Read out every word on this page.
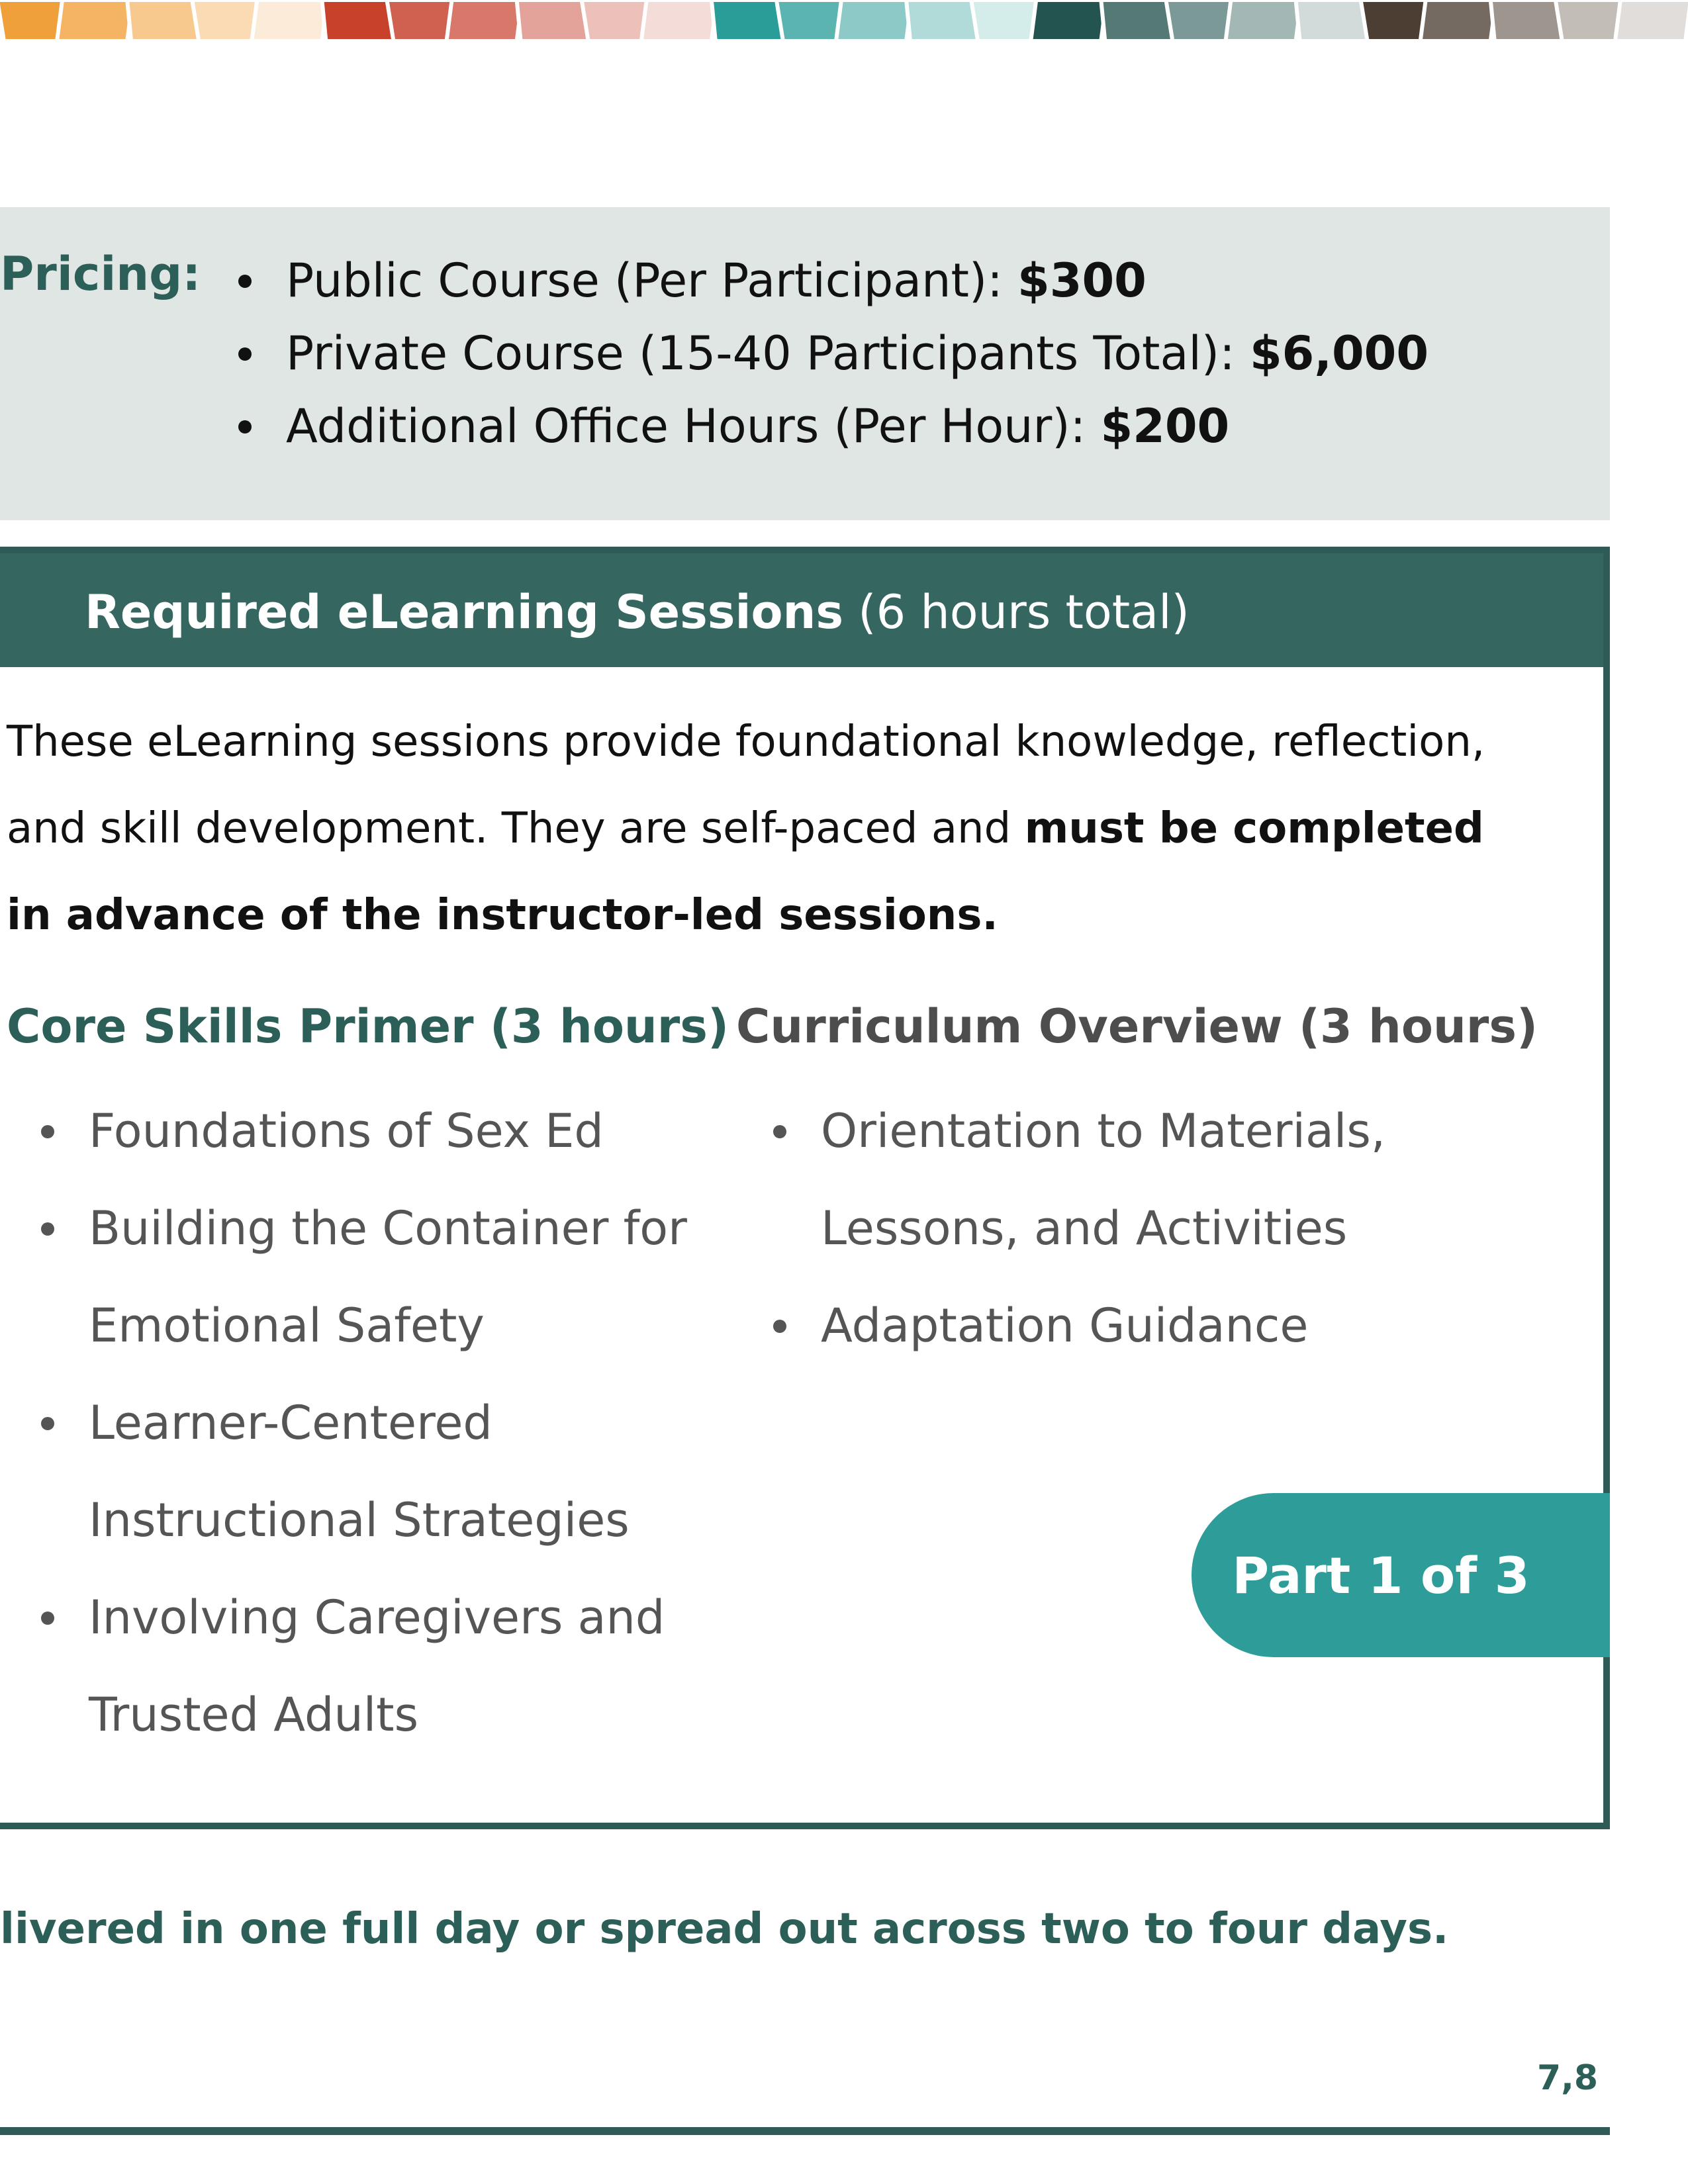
Pricing:	Public Course (Per Participant): $300
Private Course (15-40 Participants Total): $6,000
Additional Office Hours (Per Hour): $200
Required eLearning Sessions (6 hours total)
These eLearning sessions provide foundational knowledge, reflection, and skill development. They are self-paced and must be completed in advance of the instructor-led sessions.
Core Skills Primer (3 hours) Curriculum Overview (3 hours)
Foundations of Sex Ed
Building the Container for Emotional Safety
Learner-Centered Instructional Strategies
Involving Caregivers and Trusted Adults
Orientation to Materials, Lessons, and Activities
Adaptation Guidance
Part 1 of 3
livered in one full day or spread out across two to four days.
7,8
